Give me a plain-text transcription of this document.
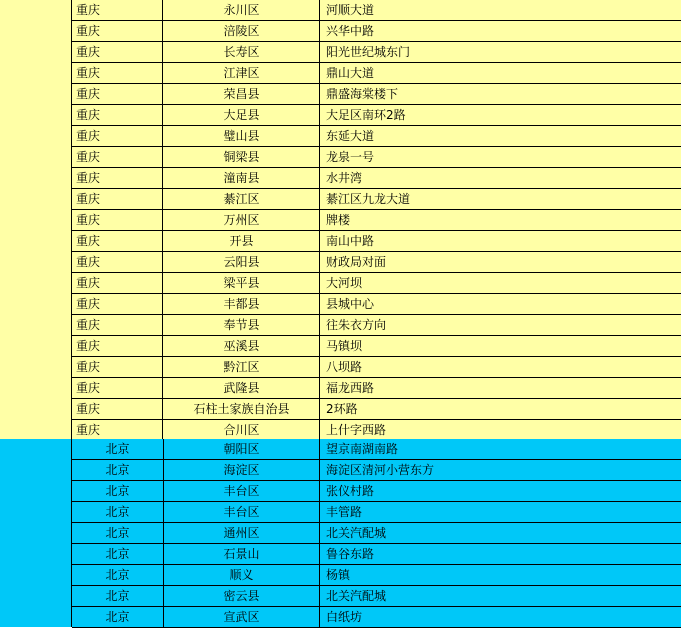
重庆	永川区	河顺大道
重庆	涪陵区	兴华中路
重庆	长寿区	阳光世纪城东门
重庆	江津区	鼎山大道
重庆	荣昌县	鼎盛海棠楼下
重庆	大足县	大足区南环2路
重庆	璧山县	东延大道
重庆	铜梁县	龙泉一号
重庆	潼南县	水井湾
重庆	綦江区	綦江区九龙大道
重庆	万州区	牌楼
重庆	开县	南山中路
重庆	云阳县	财政局对面
重庆	梁平县	大河坝
重庆	丰都县	县城中心
重庆	奉节县	往朱衣方向
重庆	巫溪县	马镇坝
重庆	黔江区	八坝路
重庆	武隆县	福龙西路
重庆	石柱土家族自治县	2环路
重庆	合川区	上什字西路
北京	朝阳区	望京南湖南路
北京	海淀区	海淀区清河小营东方
北京	丰台区	张仪村路
北京	丰台区	丰管路
北京	通州区	北关汽配城
北京	石景山	鲁谷东路
北京	顺义	杨镇
北京	密云县	北关汽配城
北京	宣武区	白纸坊
